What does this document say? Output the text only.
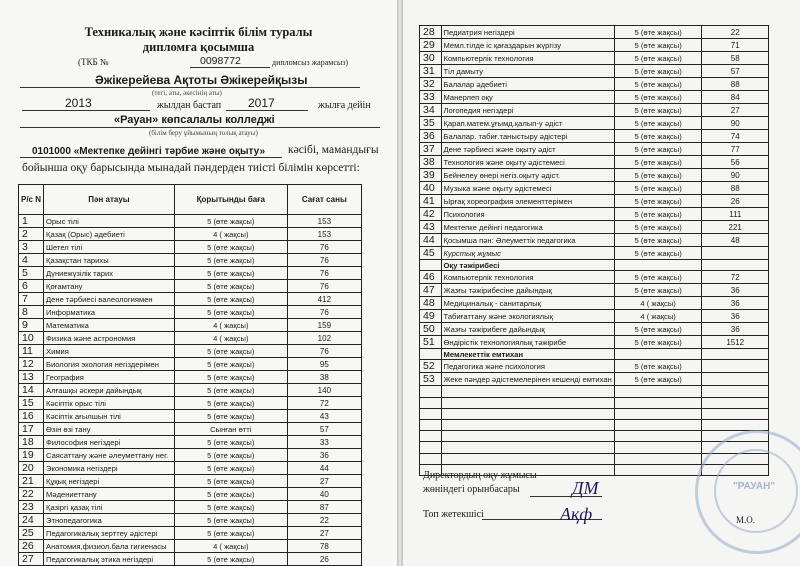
Техникалық және кәсіптік білім туралы
дипломға қосымша
(ТКБ №	0098772	дипломсыз жарамсыз)
Әжікерейева Ақтоты Әжікерейқызы
(тегі, аты, әкесінің аты)
2013	жылдан бастап 2017	жылға дейін
«Рауан» көпсалалы колледжі
(білім беру ұйымының толық атауы)
0101000 «Мектепке дейінгі тәрбие және оқыту» кәсібі, мамандығы
бойынша оқу барысында мынадай пәндерден тиісті білімін көрсетті:
Р/с N	Пән атауы	Қорытынды баға	Сағат саны
1	Орыс тілі	5 (өте жақсы)	153
2	Қазақ (Орыс) әдебиеті	4 ( жақсы)	153
3	Шетел тілі	5 (өте жақсы)	76
4	Қазақстан тарихы	5 (өте жақсы)	76
5	Дүниежүзілік тарих	5 (өте жақсы)	76
6	Қоғамтану	5 (өте жақсы)	76
7	Дене тәрбиесі валеологиямен	5 (өте жақсы)	412
8	Информатика	5 (өте жақсы)	76
9	Математика	4 ( жақсы)	159
10	Физика және астрономия	4 ( жақсы)	102
11	Химия	5 (өте жақсы)	76
12	Биология экология негіздерімен	5 (өте жақсы)	95
13	География	5 (өте жақсы)	38
14	Алғашқы әскери дайындық	5 (өте жақсы)	140
15	Кәсіптік орыс тілі	5 (өте жақсы)	72
16	Кәсіптік ағылшын тілі	5 (өте жақсы)	43
17	Өзін өзі тану	Сынған өтті	57
18	Философия негіздері	5 (өте жақсы)	33
19	Саясаттану және әлеуметтану нег.	5 (өте жақсы)	36
20	Экономика негіздері	5 (өте жақсы)	44
21	Құқық негіздері	5 (өте жақсы)	27
22	Мәдениеттану	5 (өте жақсы)	40
23	Қазіргі қазақ тілі	5 (өте жақсы)	87
24	Этнопедагогика	5 (өте жақсы)	22
25	Педагогикалық зерттеу әдістері	5 (өте жақсы)	27
26	Анатомия,физиол.бала гигиенасы	4 ( жақсы)	78
27	Педагогикалық этика негіздері	5 (өте жақсы)	26
28	Педиатрия негіздері	5 (өте жақсы)	22
29	Мемл.тілде іс қағаздарын жүргізу	5 (өте жақсы)	71
30	Компьютерлік технология	5 (өте жақсы)	58
31	Тіл дамыту	5 (өте жақсы)	57
32	Балалар әдебиеті	5 (өте жақсы)	88
33	Манерлеп оқу	5 (өте жақсы)	84
34	Логопедия негіздері	5 (өте жақсы)	27
35	Қарап.матем.ұғымд.қалып-у әдіст	5 (өте жақсы)	90
36	Балалар. табиғ.таныстыру әдістері	5 (өте жақсы)	74
37	Дене тәрбиесі және оқыту әдіст	5 (өте жақсы)	77
38	Технология және оқыту әдістемесі	5 (өте жақсы)	56
39	Бейнелеу өнері негіз.оқыту әдіст.	5 (өте жақсы)	90
40	Музыка және оқыту әдістемесі	5 (өте жақсы)	88
41	Ырғақ хореография элементтерімен	5 (өте жақсы)	26
42	Психология	5 (өте жақсы)	111
43	Мектепке дейінгі педагогика	5 (өте жақсы)	221
44	Қосымша пән: Әлеуметтік педагогика	5 (өте жақсы)	48
45	Курстық жұмыс	5 (өте жақсы)	
	Оқу тәжірибесі		
46	Компьютерлік технология	5 (өте жақсы)	72
47	Жазғы тәжірибесіне дайындық	5 (өте жақсы)	36
48	Медициналық - санитарлық	4 ( жақсы)	36
49	Табиғаттану және экологиялық	4 ( жақсы)	36
50	Жазғы тәжірибеге дайындық	5 (өте жақсы)	36
51	Өндірістік технологиялық тәжірибе	5 (өте жақсы)	1512
	Мемлекеттік емтихан		
52	Педагогика және психология	5 (өте жақсы)	
53	Жеке пәндер әдістемелерінен кешенді емтихан	5 (өте жақсы)	

Директордың оқу жұмысы
жөніндегі орынбасары
Топ жетекшісі	М.О.
ДМ
Ақф
"РАУАН"
